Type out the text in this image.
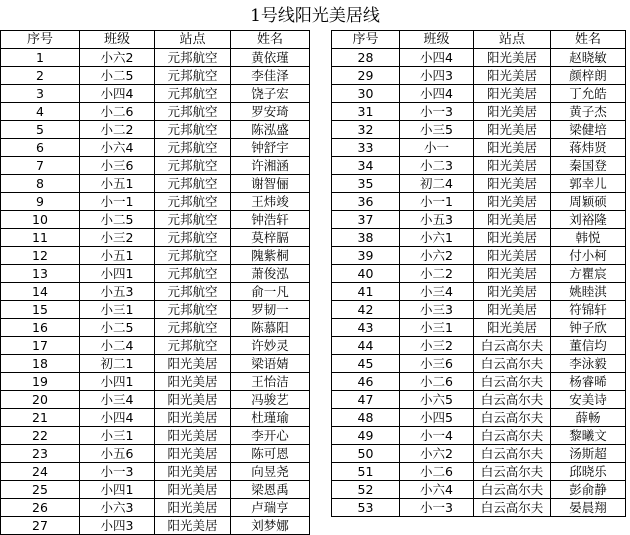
1号线阳光美居线
序号	班级	站点	姓名
1	小六2	元邦航空	黄依瑾
2	小二5	元邦航空	李佳泽
3	小四4	元邦航空	饶子宏
4	小二6	元邦航空	罗安琦
5	小二2	元邦航空	陈泓盛
6	小六4	元邦航空	钟舒宇
7	小三6	元邦航空	许湘涵
8	小五1	元邦航空	谢智俪
9	小一1	元邦航空	王炜竣
10	小二5	元邦航空	钟浩轩
11	小三2	元邦航空	莫梓膈
12	小五1	元邦航空	隗紫桐
13	小四1	元邦航空	萧俊泓
14	小五3	元邦航空	俞一凡
15	小三1	元邦航空	罗韧一
16	小二5	元邦航空	陈慕阳
17	小二4	元邦航空	许妙灵
18	初二1	阳光美居	梁语婧
19	小四1	阳光美居	王怡洁
20	小三4	阳光美居	冯骏艺
21	小四4	阳光美居	杜瑾瑜
22	小三1	阳光美居	李开心
23	小五6	阳光美居	陈可恩
24	小一3	阳光美居	向昱尧
25	小四1	阳光美居	梁恩禹
26	小六3	阳光美居	卢瑞亨
27	小四3	阳光美居	刘梦娜
序号	班级	站点	姓名
28	小四4	阳光美居	赵晓敏
29	小四3	阳光美居	颜梓朗
30	小四4	阳光美居	丁允皓
31	小一3	阳光美居	黄子杰
32	小三5	阳光美居	梁健培
33	小一	阳光美居	蒋炜贤
34	小二3	阳光美居	秦国登
35	初二4	阳光美居	郭幸儿
36	小一1	阳光美居	周颖硕
37	小五3	阳光美居	刘裕隆
38	小六1	阳光美居	韩悦
39	小六2	阳光美居	付小柯
40	小二2	阳光美居	方瞿宸
41	小三4	阳光美居	姚睦淇
42	小三3	阳光美居	符锦轩
43	小三1	阳光美居	钟子欣
44	小三2	白云高尔夫	董信均
45	小三6	白云高尔夫	李泳毅
46	小二6	白云高尔夫	杨睿晞
47	小六5	白云高尔夫	安美诗
48	小四5	白云高尔夫	薛畅
49	小一4	白云高尔夫	黎曦文
50	小六2	白云高尔夫	汤斯超
51	小二6	白云高尔夫	邱晓乐
52	小六4	白云高尔夫	彭俞静
53	小一3	白云高尔夫	晏晨翔
